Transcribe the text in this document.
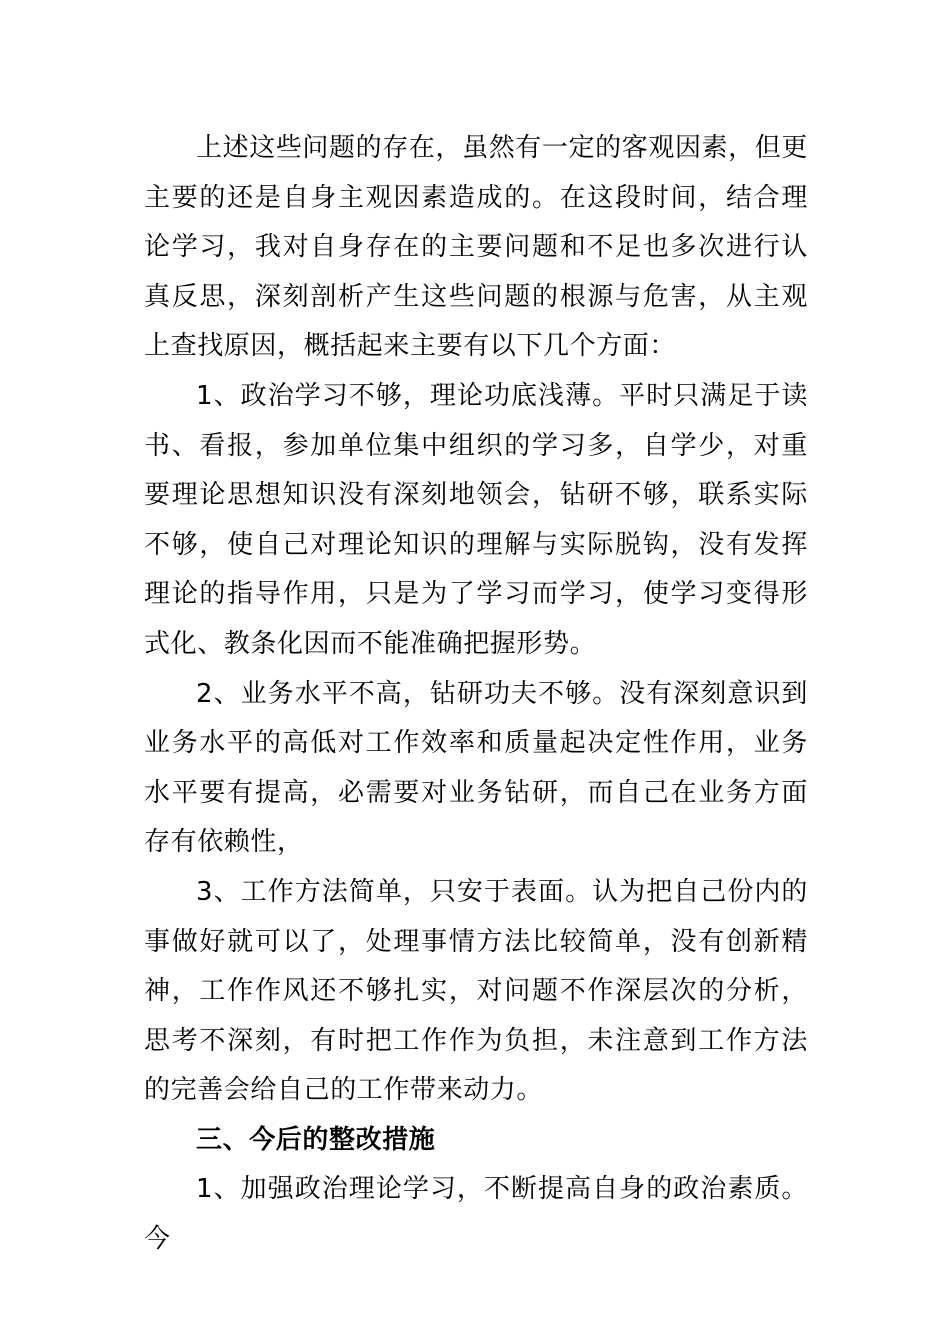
上述这些问题的存在，虽然有一定的客观因素，但更主要的还是自身主观因素造成的。在这段时间，结合理论学习，我对自身存在的主要问题和不足也多次进行认真反思，深刻剖析产生这些问题的根源与危害，从主观上查找原因，概括起来主要有以下几个方面：

1、政治学习不够，理论功底浅薄。平时只满足于读书、看报，参加单位集中组织的学习多，自学少，对重要理论思想知识没有深刻地领会，钻研不够，联系实际不够，使自己对理论知识的理解与实际脱钩，没有发挥理论的指导作用，只是为了学习而学习，使学习变得形式化、教条化因而不能准确把握形势。

2、业务水平不高，钻研功夫不够。没有深刻意识到业务水平的高低对工作效率和质量起决定性作用，业务水平要有提高，必需要对业务钻研，而自己在业务方面存有依赖性，

3、工作方法简单，只安于表面。认为把自己份内的事做好就可以了，处理事情方法比较简单，没有创新精神，工作作风还不够扎实，对问题不作深层次的分析，思考不深刻，有时把工作作为负担，未注意到工作方法的完善会给自己的工作带来动力。

三、今后的整改措施

1、加强政治理论学习，不断提高自身的政治素质。今
